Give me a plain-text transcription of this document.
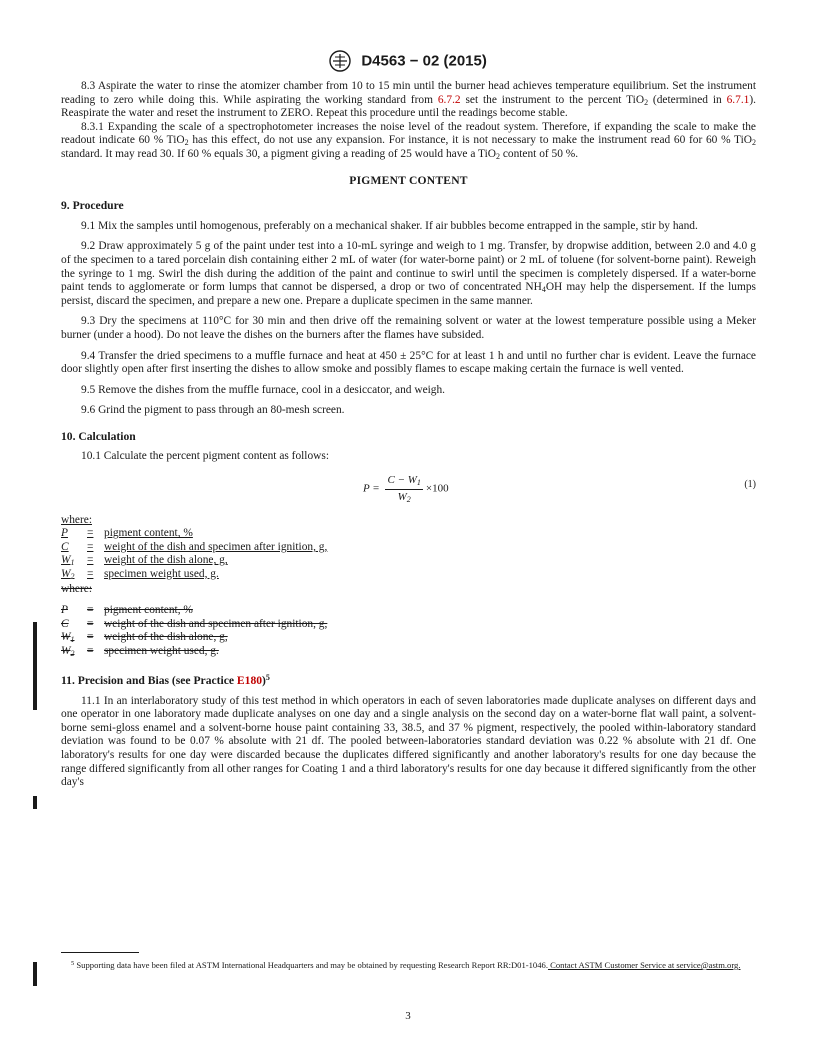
D4563 − 02 (2015)

8.3 Aspirate the water to rinse the atomizer chamber from 10 to 15 min until the burner head achieves temperature equilibrium. Set the instrument reading to zero while doing this. While aspirating the working standard from 6.7.2 set the instrument to the percent TiO$_2$ (determined in 6.7.1). Reaspirate the water and reset the instrument to ZERO. Repeat this procedure until the readings become stable.

8.3.1 Expanding the scale of a spectrophotometer increases the noise level of the readout system. Therefore, if expanding the scale to make the readout indicate 60 % TiO$_2$ has this effect, do not use any expansion. For instance, it is not necessary to make the instrument read 60 for 60 % TiO$_2$ standard. It may read 30. If 60 % equals 30, a pigment giving a reading of 25 would have a TiO$_2$ content of 50 %.

PIGMENT CONTENT

9. Procedure

9.1 Mix the samples until homogenous, preferably on a mechanical shaker. If air bubbles become entrapped in the sample, stir by hand.

9.2 Draw approximately 5 g of the paint under test into a 10-mL syringe and weigh to 1 mg. Transfer, by dropwise addition, between 2.0 and 4.0 g of the specimen to a tared porcelain dish containing either 2 mL of water (for water-borne paint) or 2 mL of toluene (for solvent-borne paint). Reweigh the syringe to 1 mg. Swirl the dish during the addition of the paint and continue to swirl until the specimen is completely dispersed. If a water-borne paint tends to agglomerate or form lumps that cannot be dispersed, a drop or two of concentrated $NH_4OH$ may help the dispersement. If the lumps persist, discard the specimen, and prepare a new one. Prepare a duplicate specimen in the same manner.

9.3 Dry the specimens at 110°C for 30 min and then drive off the remaining solvent or water at the lowest temperature possible using a Meker burner (under a hood). Do not leave the dishes on the burners after the flames have subsided.

9.4 Transfer the dried specimens to a muffle furnace and heat at 450 ± 25°C for at least 1 h and until no further char is evident. Leave the furnace door slightly open after first inserting the dishes to allow smoke and possibly flames to escape making certain the furnace is well vented.

9.5 Remove the dishes from the muffle furnace, cool in a desiccator, and weigh.

9.6 Grind the pigment to pass through an 80-mesh screen.

10. Calculation

10.1 Calculate the percent pigment content as follows:

$P = \frac{C - W_1}{W_2} \times 100$	(1)
where:
P = pigment content, %
C = weight of the dish and specimen after ignition, g,
$W_1$ = weight of the dish alone, g,
$W_2$ = specimen weight used, g.
where:
P = pigment content, %
C = weight of the dish and specimen after ignition, g,
$W_1$ = weight of the dish alone, g,
$W_2$ = specimen weight used, g.

11. Precision and Bias (see Practice E180)$^5$

11.1 In an interlaboratory study of this test method in which operators in each of seven laboratories made duplicate analyses on different days and one operator in one laboratory made duplicate analyses on one day and a single analysis on the second day on a water-borne flat wall paint, a solvent-borne semi-gloss enamel and a solvent-borne house paint containing 33, 38.5, and 37 % pigment, respectively, the pooled within-laboratory standard deviation was found to be 0.07 % absolute with 21 df. The pooled between-laboratories standard deviation was 0.22 % absolute with 21 df. One laboratory's results for one day were discarded because the duplicates differed significantly and another laboratory's results for one day because the range differed significantly from all other ranges for Coating 1 and a third laboratory's results for one day because it differed significantly from the other day's

$^5$ Supporting data have been filed at ASTM International Headquarters and may be obtained by requesting Research Report RR:D01-1046. Contact ASTM Customer Service at service@astm.org.
3
